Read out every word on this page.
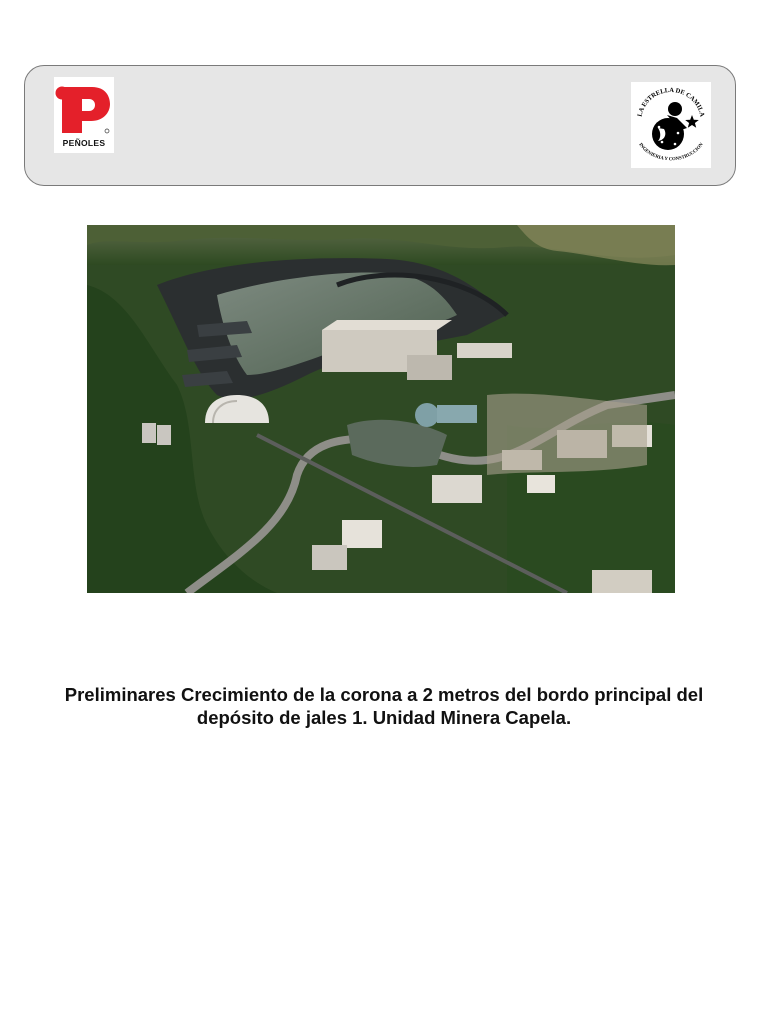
PEÑOLES
LA ESTRELLA DE CAMILA
INGENIERIA Y CONSTRUCCION

Preliminares Crecimiento de la corona a 2 metros del bordo principal del depósito de jales 1. Unidad Minera Capela.
